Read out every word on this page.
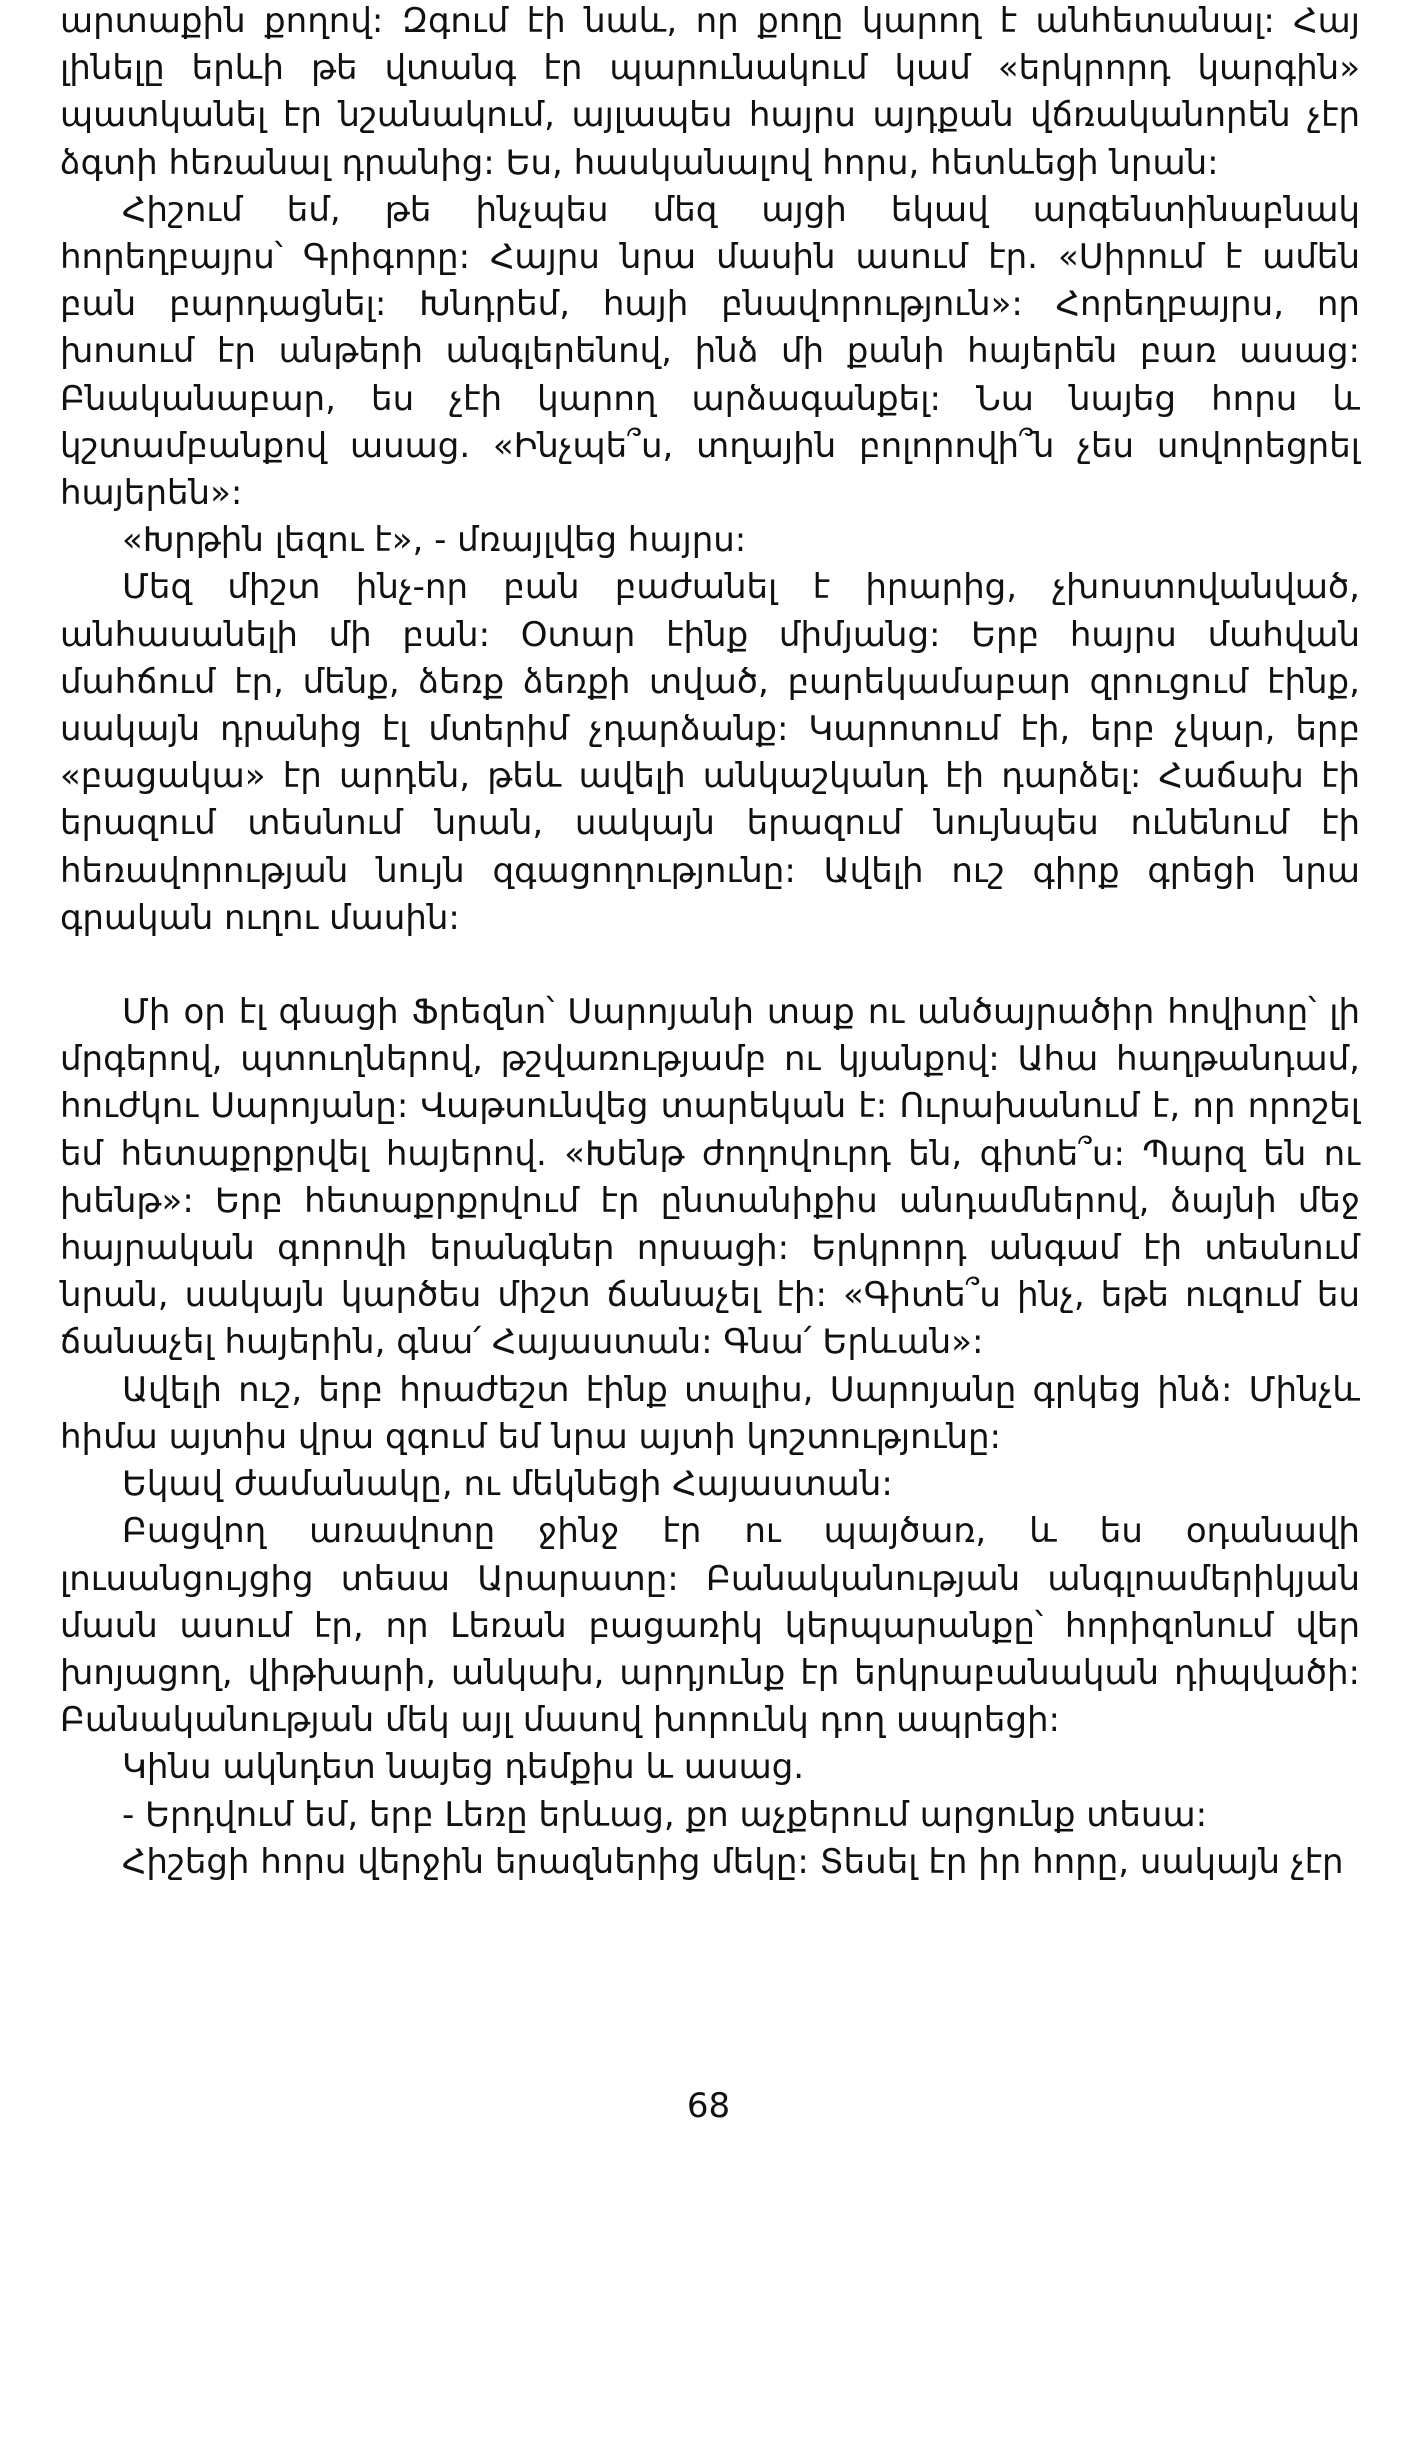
արտաքին քողով: Զգում էի նաև, որ քողը կարող է անհետանալ: Հայ լինելը երևի թե վտանգ էր պարունակում կամ «երկրորդ կարգին» պատկանել էր նշանակում, այլապես հայրս այդքան վճռականորեն չէր ձգտի հեռանալ դրանից: Ես, հասկանալով հորս, հետևեցի նրան:

Հիշում եմ, թե ինչպես մեզ այցի եկավ արգենտինաբնակ հորեղբայրս՝ Գրիգորը: Հայրս նրա մասին ասում էր. «Սիրում է ամեն բան բարդացնել: Խնդրեմ, հայի բնավորություն»: Հորեղբայրս, որ խոսում էր անթերի անգլերենով, ինձ մի քանի հայերեն բառ ասաց: Բնականաբար, ես չէի կարող արձագանքել: Նա նայեց հորս և կշտամբանքով ասաց. «Ինչպե՞ս, տղային բոլորովի՞ն չես սովորեցրել հայերեն»:

«Խրթին լեզու է», - մռայլվեց հայրս:

Մեզ միշտ ինչ-որ բան բաժանել է իրարից, չխոստովանված, անհասանելի մի բան: Օտար էինք միմյանց: Երբ հայրս մահվան մահճում էր, մենք, ձեռք ձեռքի տված, բարեկամաբար զրուցում էինք, սակայն դրանից էլ մտերիմ չդարձանք: Կարոտում էի, երբ չկար, երբ «բացակա» էր արդեն, թեև ավելի անկաշկանդ էի դարձել: Հաճախ էի երազում տեսնում նրան, սակայն երազում նույնպես ունենում էի հեռավորության նույն զգացողությունը: Ավելի ուշ գիրք գրեցի նրա գրական ուղու մասին:

Մի օր էլ գնացի Ֆրեզնո՝ Սարոյանի տաք ու անծայրածիր հովիտը՝ լի մրգերով, պտուղներով, թշվառությամբ ու կյանքով: Ահա հաղթանդամ, հուժկու Սարոյանը: Վաթսունվեց տարեկան է: Ուրախանում է, որ որոշել եմ հետաքրքրվել հայերով. «Խենթ ժողովուրդ են, գիտե՞ս: Պարզ են ու խենթ»: Երբ հետաքրքրվում էր ընտանիքիս անդամներով, ձայնի մեջ հայրական գորովի երանգներ որսացի: Երկրորդ անգամ էի տեսնում նրան, սակայն կարծես միշտ ճանաչել էի: «Գիտե՞ս ինչ, եթե ուզում ես ճանաչել հայերին, գնա՛ Հայաստան: Գնա՛ Երևան»:

Ավելի ուշ, երբ հրաժեշտ էինք տալիս, Սարոյանը գրկեց ինձ: Մինչև հիմա այտիս վրա զգում եմ նրա այտի կոշտությունը:

Եկավ ժամանակը, ու մեկնեցի Հայաստան:

Բացվող առավոտը ջինջ էր ու պայծառ, և ես օդանավի լուսանցույցից տեսա Արարատը: Բանականության անգլոամերիկյան մասն ասում էր, որ Լեռան բացառիկ կերպարանքը՝ հորիզոնում վեր խոյացող, վիթխարի, անկախ, արդյունք էր երկրաբանական դիպվածի: Բանականության մեկ այլ մասով խորունկ դող ապրեցի:

Կինս ակնդետ նայեց դեմքիս և ասաց.

- Երդվում եմ, երբ Լեռը երևաց, քո աչքերում արցունք տեսա:

Հիշեցի հորս վերջին երազներից մեկը: Տեսել էր իր հորը, սակայն չէր

68
